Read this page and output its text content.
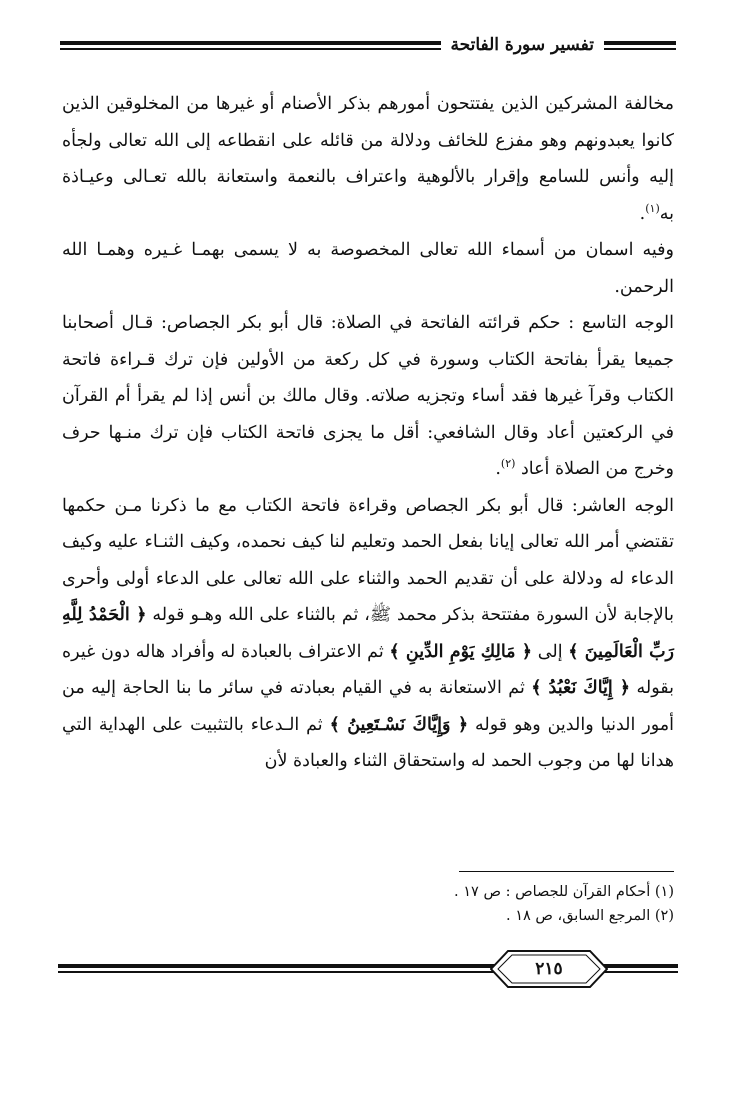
تفسير سورة الفاتحة

مخالفة المشركين الذين يفتتحون أمورهم بذكر الأصنام أو غيرها من المخلوقين الذين كانوا يعبدونهم وهو مفزع للخائف ودلالة من قائله على انقطاعه إلى الله تعالى ولجأه إليه وأنس للسامع وإقرار بالألوهية واعتراف بالنعمة واستعانة بالله تعـالى وعيـاذة به$^{(١)}$.

وفيه اسمان من أسماء الله تعالى المخصوصة به لا يسمى بهمـا غـيره وهمـا الله الرحمن.

الوجه التاسع : حكم قرائته الفاتحة في الصلاة: قال أبو بكر الجصاص: قـال أصحابنا جميعا يقرأ بفاتحة الكتاب وسورة في كل ركعة من الأولين فإن ترك قـراءة فاتحة الكتاب وقرآ غيرها فقد أساء وتجزيه صلاته. وقال مالك بن أنس إذا لم يقرأ أم القرآن في الركعتين أعاد وقال الشافعي: أقل ما يجزى فاتحة الكتاب فإن ترك منـها حرف وخرج من الصلاة أعاد $^{(٢)}$.

الوجه العاشر: قال أبو بكر الجصاص وقراءة فاتحة الكتاب مع ما ذكرنا مـن حكمها تقتضي أمر الله تعالى إيانا بفعل الحمد وتعليم لنا كيف نحمده، وكيف الثنـاء عليه وكيف الدعاء له ودلالة على أن تقديم الحمد والثناء على الله تعالى على الدعاء أولى وأحرى بالإجابة لأن السورة مفتتحة بذكر محمد ﷺ، ثم بالثناء على الله وهـو قوله ﴿ الْحَمْدُ لِلَّهِ رَبِّ الْعَالَمِينَ ﴾ إلى ﴿ مَالِكِ يَوْمِ الدِّينِ ﴾ ثم الاعتراف بالعبادة له وأفراد هاله دون غيره بقوله ﴿ إِيَّاكَ نَعْبُدُ ﴾ ثم الاستعانة به في القيام بعبادته في سائر ما بنا الحاجة إليه من أمور الدنيا والدين وهو قوله ﴿ وَإِيَّاكَ نَسْـتَعِينُ ﴾ ثم الـدعاء بالتثبيت على الهداية التي هدانا لها من وجوب الحمد له واستحقاق الثناء والعبادة لأن

(١) أحكام القرآن للجصاص : ص ١٧ .
(٢) المرجع السابق، ص ١٨ .
٢١٥
